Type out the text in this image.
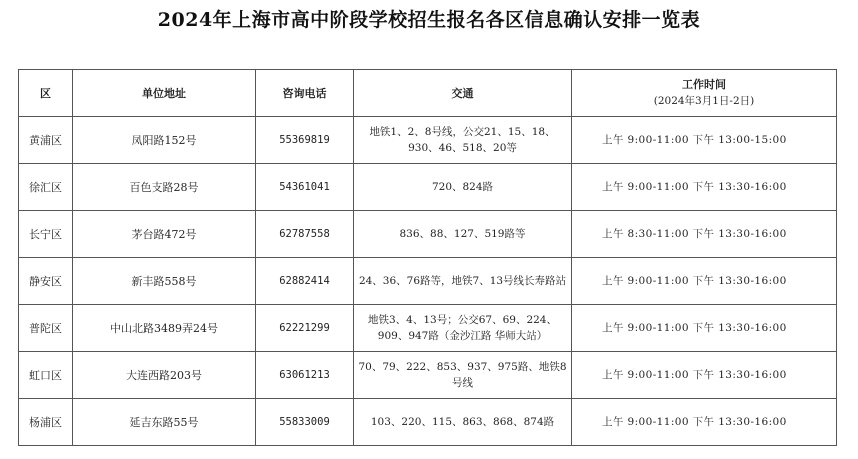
2024年上海市高中阶段学校招生报名各区信息确认安排一览表
区	单位地址	咨询电话	交通	工作时间
(2024年3月1日-2日)

黄浦区	凤阳路152号	55369819	地铁1、2、8号线，公交21、15、18、930、46、518、20等	上午 9:00-11:00 下午 13:00-15:00
徐汇区	百色支路28号	54361041	720、824路	上午 9:00-11:00 下午 13:30-16:00
长宁区	茅台路472号	62787558	836、88、127、519路等	上午 8:30-11:00 下午 13:30-16:00
静安区	新丰路558号	62882414	24、36、76路等，地铁7、13号线长寿路站	上午 9:00-11:00 下午 13:30-16:00
普陀区	中山北路3489弄24号	62221299	地铁3、4、13号；公交67、69、224、909、947路（金沙江路 华师大站）	上午 9:00-11:00 下午 13:30-16:00
虹口区	大连西路203号	63061213	70、79、222、853、937、975路、地铁8号线	上午 9:00-11:00 下午 13:30-16:00
杨浦区	延吉东路55号	55833009	103、220、115、863、868、874路	上午 9:00-11:00 下午 13:30-16:00
